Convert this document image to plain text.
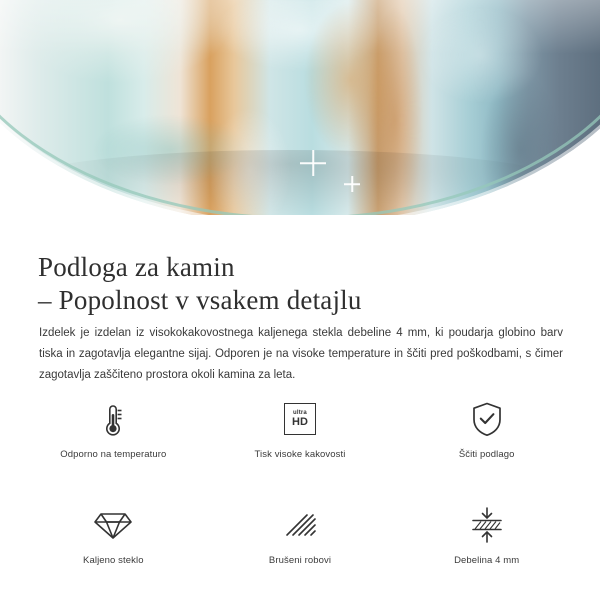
Podloga za kamin
– Popolnost v vsakem detajlu

Izdelek je izdelan iz visokokakovostnega kaljenega stekla debeline 4 mm, ki poudarja globino barv tiska in zagotavlja elegantne sijaj. Odporen je na visoke temperature in ščiti pred poškodbami, s čimer zagotavlja zaščiteno prostora okoli kamina za leta.

Odporno na temperaturo
ultra
HD
Tisk visoke kakovosti	Ščiti podlago
Kaljeno steklo	Brušeni robovi	Debelina 4 mm
